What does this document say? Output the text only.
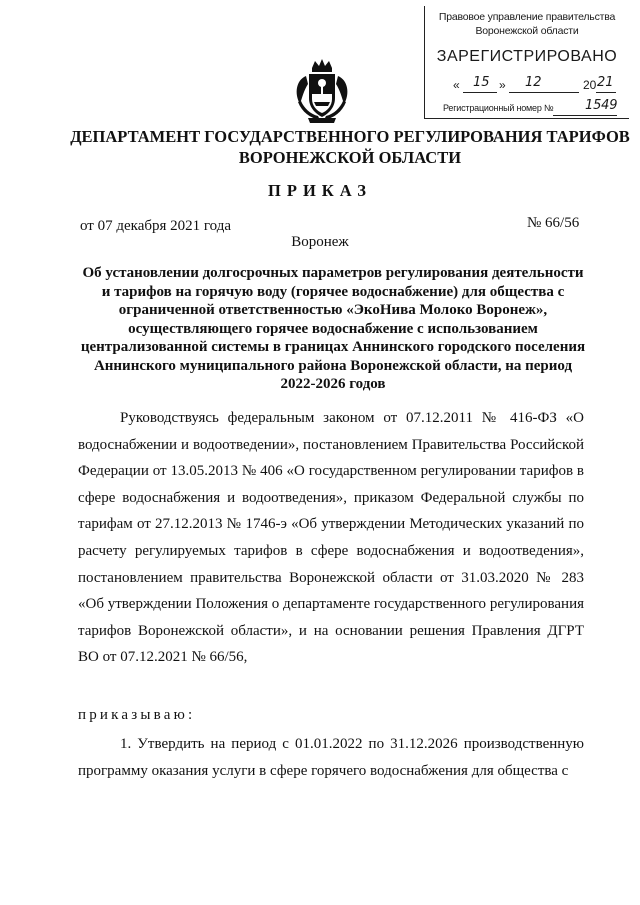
Правовое управление правительства
Воронежской области
ЗАРЕГИСТРИРОВАНО
« 15 » 12	20 21
Регистрационный номер № 1549
ДЕПАРТАМЕНТ ГОСУДАРСТВЕННОГО РЕГУЛИРОВАНИЯ ТАРИФОВ ВОРОНЕЖСКОЙ ОБЛАСТИ
ПРИКАЗ
от 07 декабря 2021 года	№ 66/56
Воронеж
Об установлении долгосрочных параметров регулирования деятельности и тарифов на горячую воду (горячее водоснабжение) для общества с ограниченной ответственностью «ЭкоНива Молоко Воронеж», осуществляющего горячее водоснабжение с использованием централизованной системы в границах Аннинского городского поселения Аннинского муниципального района Воронежской области, на период 2022-2026 годов

Руководствуясь федеральным законом от 07.12.2011 № 416-ФЗ «О водоснабжении и водоотведении», постановлением Правительства Российской Федерации от 13.05.2013 № 406 «О государственном регулировании тарифов в сфере водоснабжения и водоотведения», приказом Федеральной службы по тарифам от 27.12.2013 № 1746-э «Об утверждении Методических указаний по расчету регулируемых тарифов в сфере водоснабжения и водоотведения», постановлением правительства Воронежской области от 31.03.2020 № 283 «Об утверждении Положения о департаменте государственного регулирования тарифов Воронежской области», и на основании решения Правления ДГРТ ВО от 07.12.2021 № 66/56,

приказываю:

1. Утвердить на период с 01.01.2022 по 31.12.2026 производственную программу оказания услуги в сфере горячего водоснабжения для общества с
